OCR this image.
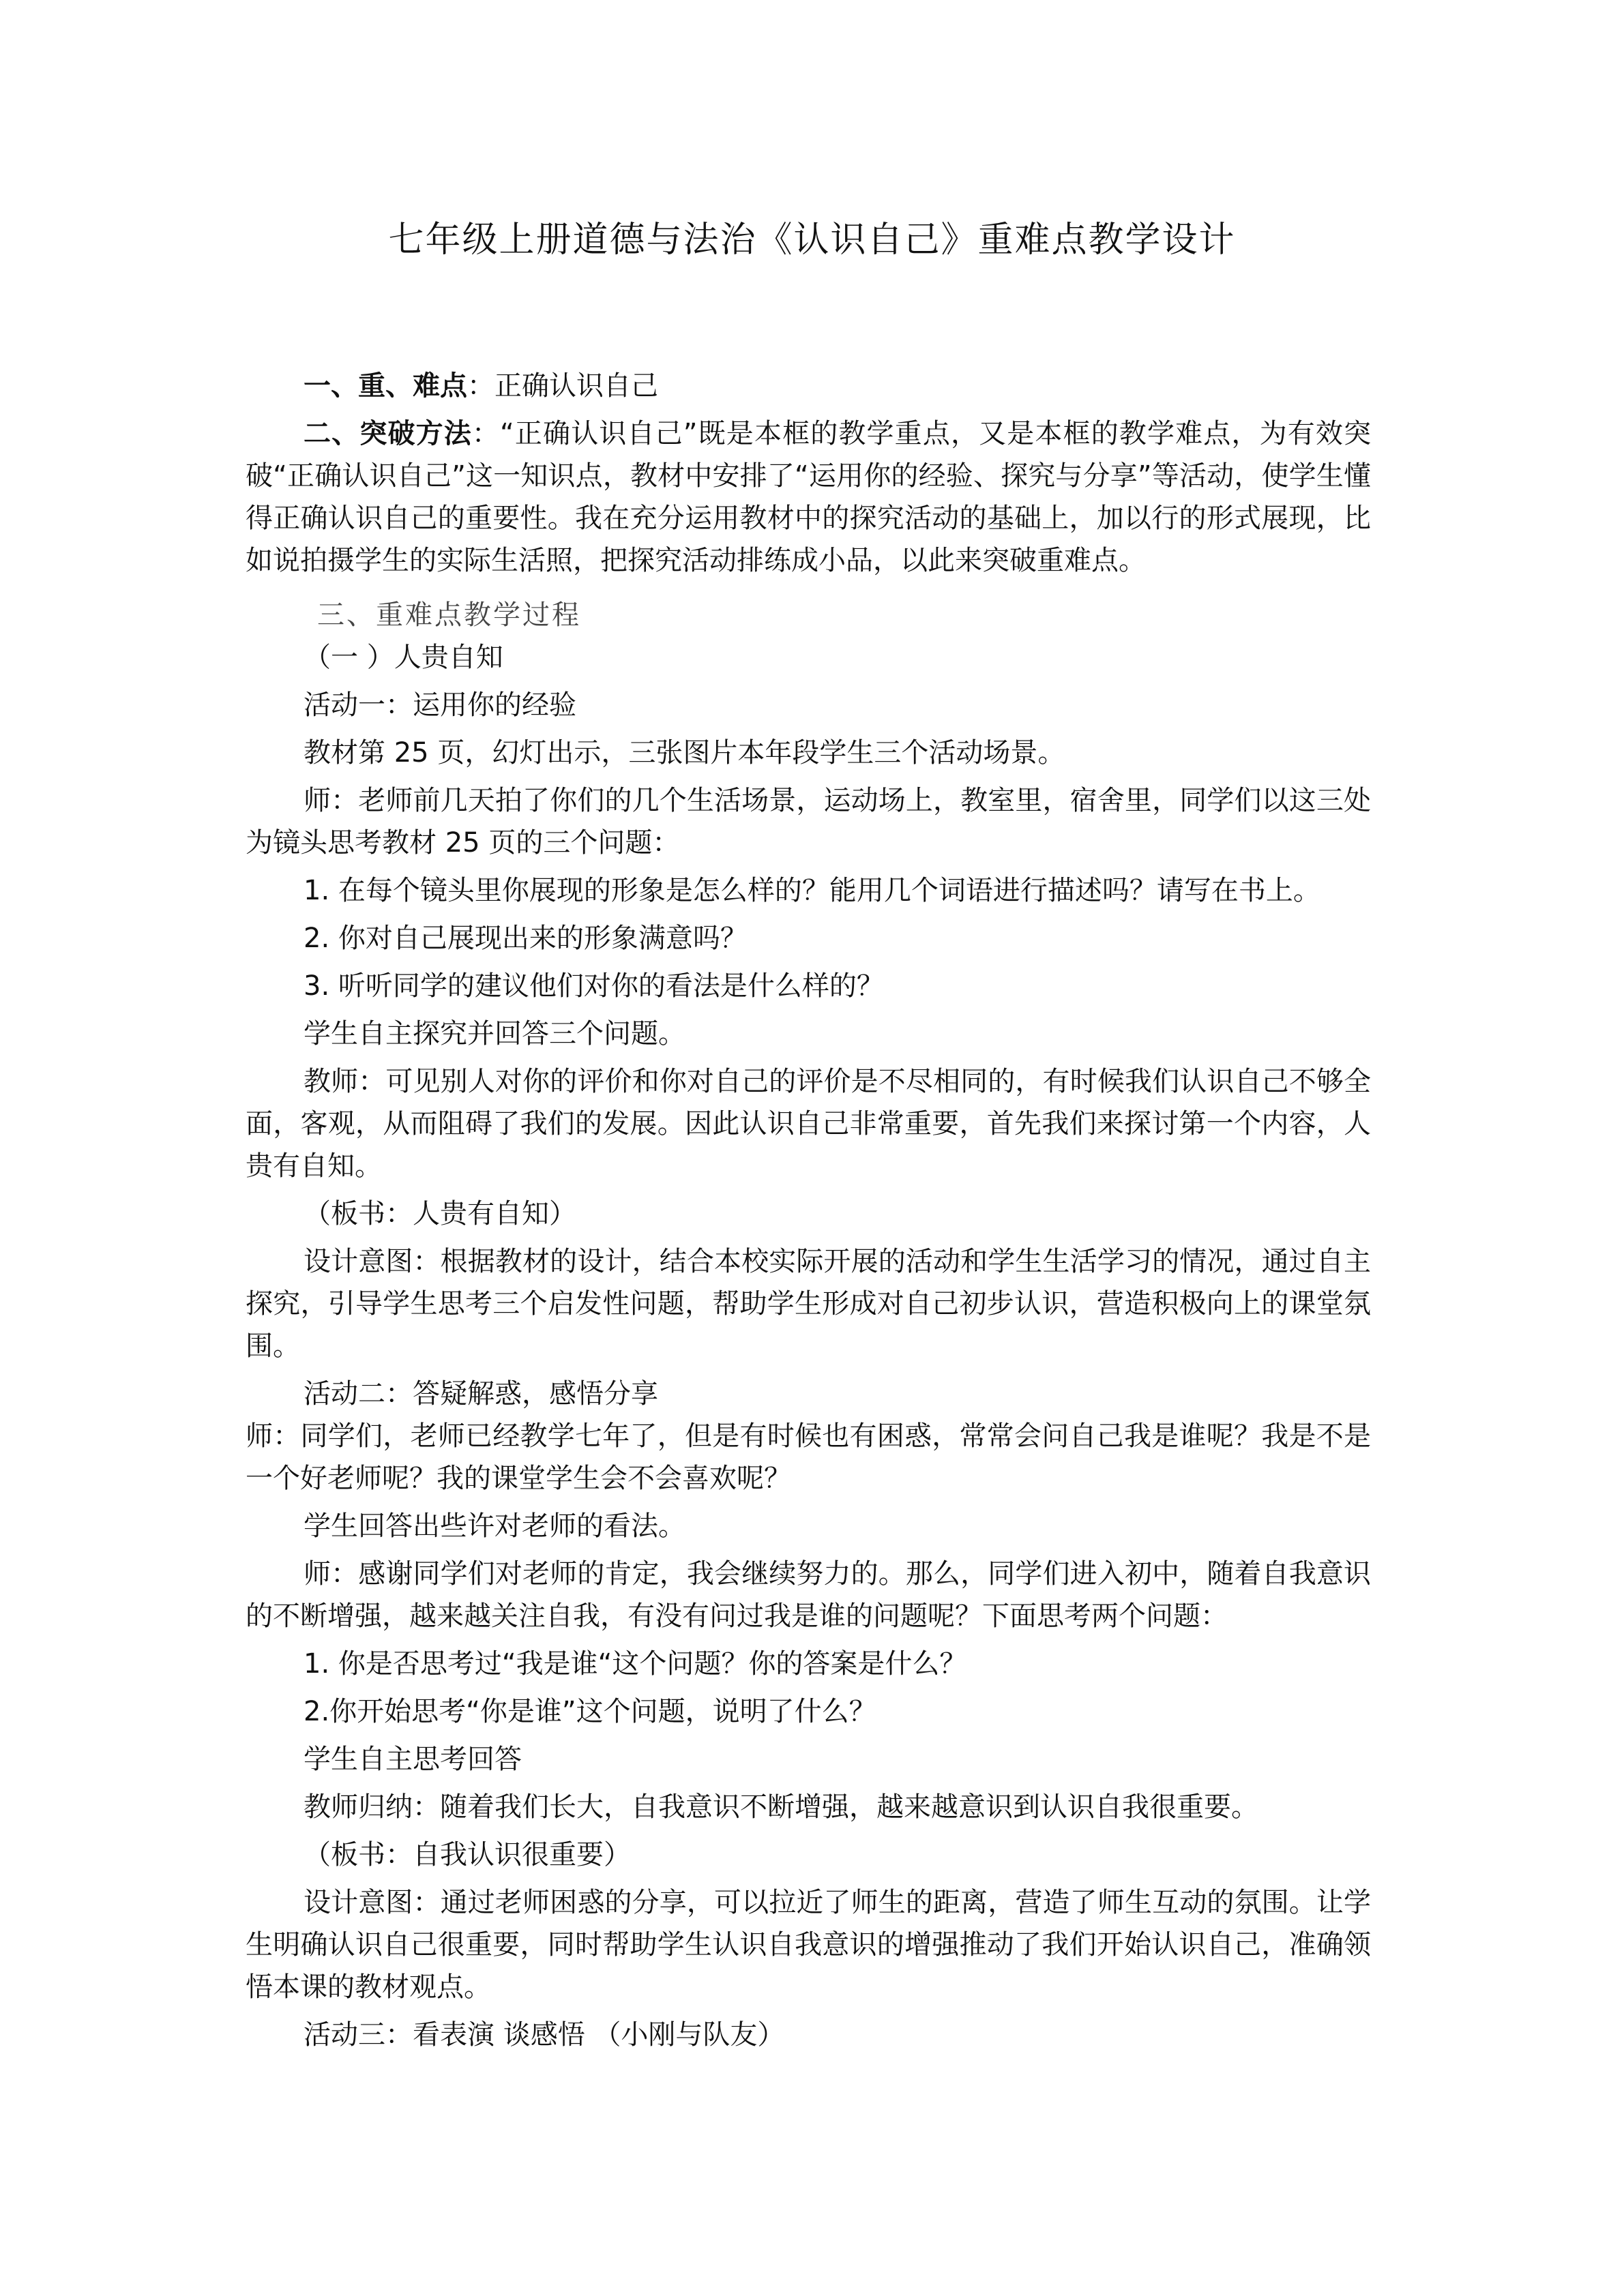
七年级上册道德与法治《认识自己》重难点教学设计

一、重、难点：正确认识自己

二、突破方法：“正确认识自己”既是本框的教学重点，又是本框的教学难点，为有效突破“正确认识自己”这一知识点，教材中安排了“运用你的经验、探究与分享”等活动，使学生懂得正确认识自己的重要性。我在充分运用教材中的探究活动的基础上，加以行的形式展现，比如说拍摄学生的实际生活照，把探究活动排练成小品，以此来突破重难点。

三、重难点教学过程

（一 ）人贵自知

活动一：运用你的经验

教材第 25 页，幻灯出示，三张图片本年段学生三个活动场景。

师：老师前几天拍了你们的几个生活场景，运动场上，教室里，宿舍里，同学们以这三处为镜头思考教材 25 页的三个问题：

1. 在每个镜头里你展现的形象是怎么样的？能用几个词语进行描述吗？请写在书上。

2. 你对自己展现出来的形象满意吗？

3. 听听同学的建议他们对你的看法是什么样的？

学生自主探究并回答三个问题。

教师：可见别人对你的评价和你对自己的评价是不尽相同的，有时候我们认识自己不够全面，客观，从而阻碍了我们的发展。因此认识自己非常重要，首先我们来探讨第一个内容，人贵有自知。

（板书：人贵有自知）

设计意图：根据教材的设计，结合本校实际开展的活动和学生生活学习的情况，通过自主探究，引导学生思考三个启发性问题，帮助学生形成对自己初步认识，营造积极向上的课堂氛围。

活动二：答疑解惑，感悟分享

师：同学们，老师已经教学七年了，但是有时候也有困惑，常常会问自己我是谁呢？我是不是一个好老师呢？我的课堂学生会不会喜欢呢？

学生回答出些许对老师的看法。

师：感谢同学们对老师的肯定，我会继续努力的。那么，同学们进入初中，随着自我意识的不断增强，越来越关注自我，有没有问过我是谁的问题呢？下面思考两个问题：

1. 你是否思考过“我是谁“这个问题？你的答案是什么？

2.你开始思考“你是谁”这个问题，说明了什么？

学生自主思考回答

教师归纳：随着我们长大，自我意识不断增强，越来越意识到认识自我很重要。

（板书：自我认识很重要）

设计意图：通过老师困惑的分享，可以拉近了师生的距离，营造了师生互动的氛围。让学生明确认识自己很重要，同时帮助学生认识自我意识的增强推动了我们开始认识自己，准确领悟本课的教材观点。

活动三：看表演 谈感悟 （小刚与队友）
